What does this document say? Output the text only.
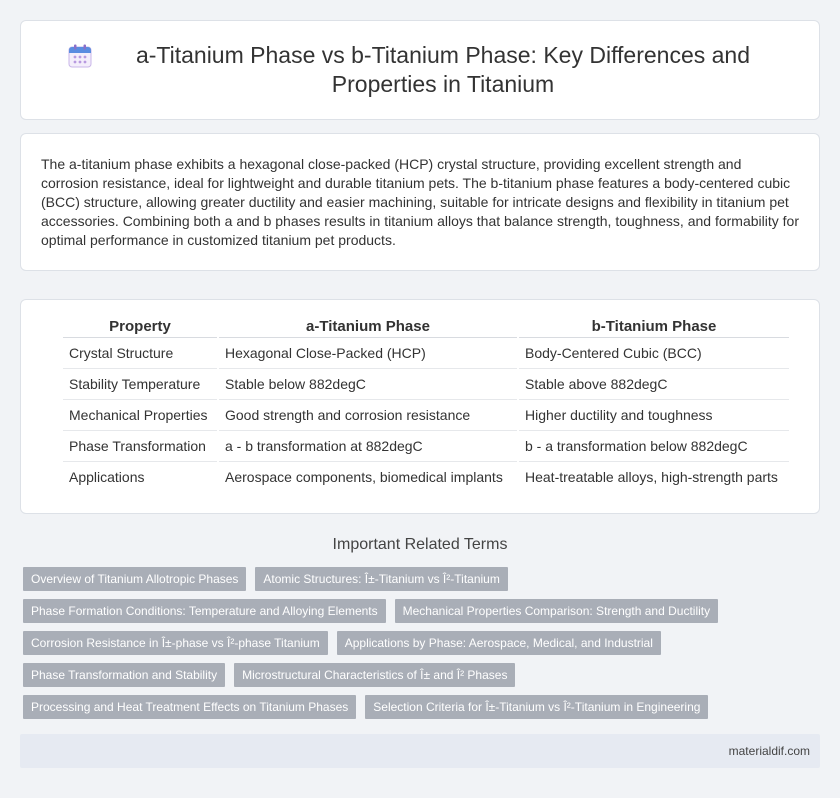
a-Titanium Phase vs b-Titanium Phase: Key Differences and Properties in Titanium

The a-titanium phase exhibits a hexagonal close-packed (HCP) crystal structure, providing excellent strength and corrosion resistance, ideal for lightweight and durable titanium pets. The b-titanium phase features a body-centered cubic (BCC) structure, allowing greater ductility and easier machining, suitable for intricate designs and flexibility in titanium pet accessories. Combining both a and b phases results in titanium alloys that balance strength, toughness, and formability for optimal performance in customized titanium pet products.

Property	a-Titanium Phase	b-Titanium Phase
Crystal Structure	Hexagonal Close-Packed (HCP)	Body-Centered Cubic (BCC)
Stability Temperature	Stable below 882degC	Stable above 882degC
Mechanical Properties	Good strength and corrosion resistance	Higher ductility and toughness
Phase Transformation	a - b transformation at 882degC	b - a transformation below 882degC
Applications	Aerospace components, biomedical implants	Heat-treatable alloys, high-strength parts
Important Related Terms
Overview of Titanium Allotropic Phases	Atomic Structures: Î±-Titanium vs Î²-Titanium
Phase Formation Conditions: Temperature and Alloying Elements	Mechanical Properties Comparison: Strength and Ductility
Corrosion Resistance in Î±-phase vs Î²-phase Titanium	Applications by Phase: Aerospace, Medical, and Industrial
Phase Transformation and Stability	Microstructural Characteristics of Î± and Î² Phases
Processing and Heat Treatment Effects on Titanium Phases	Selection Criteria for Î±-Titanium vs Î²-Titanium in Engineering
materialdif.com
